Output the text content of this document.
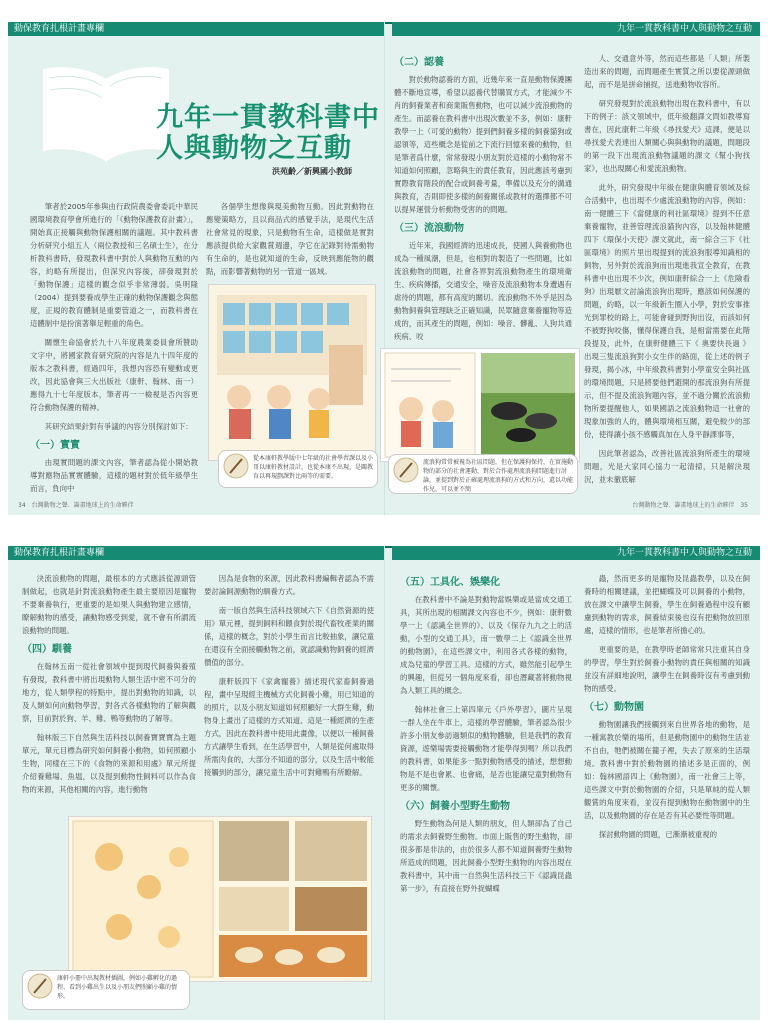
動保教育扎根計畫專欄	九年一貫教科書中人與動物之互動
九年一貫教科書中
人與動物之互動
洪苑齡／新興國小教師

筆者於2005年參與由行政院農委會委託中華民國環境教育學會所進行的「《動物保護教育計畫》」，開始真正接觸與動物保護相關的議題。其中教科書分析研究小組五人（兩位教授和三名碩士生），在分析教科書時，發現教科書中對於人與動物互動的內容，約略有所提出，但深究內容後，卻發現對於「動物保護」這樣的觀念似乎非常薄弱。吳明隆（2004）提到要養成學生正確的動物保護觀念與態度，正規的教育體制是重要管道之一，而教科書在這體制中是扮演著舉足輕重的角色。

關懷生命協會於九十八年度農業委員會所贊助文字中，將國家教育研究院的內容是九十四年度的版本之教科書，經過四年，我想內容恐有變動或更改，因此協會與三大出版社（康軒、翰林、南一）應得九十七年度版本，筆者再一一檢視是否內容更符合動物保護的精神。

其研究結果針對有爭議的內容分別探討如下：

（一）實實

由現實問題的課文內容，筆者認為從小開始教導對應物品實實體驗，這樣的題材對於低年級學生而言，負向中

各個學生想像與現美動物互動。因此對動物在應變策略方，且以商品式的感覺手法，是現代生活社會常見的現象，只是動物有生命，這樣做是實對應該提供給大家觀賞週邊，孕它在記錄對待需動物有生命的，是也就知道的生命，反映到應能物的觀點，而影響著動物的另一管道一區域。

從本康軒教學版中七年級的社會學習課以及小哥以康軒教材設計，也從本康不出現，是關教育以再規劃課對比兩等的需要。
（二）認養

對於動物認養的方面，近幾年來一直是動物保護團體不斷地宣導，希望以認養代替購買方式，才能減少不肖的飼養業者和商業販售動物，也可以減少流浪動物的產生。而認養在教科書中出現次數並不多，例如：康軒教學一上（可愛的動物）提到們飼養多樣的飼養貓狗或認領等，這些概念是從前之下流行回憶來養的動物，但是筆者爲什麼，常常發現小朋友對於這樣的小動物常不知道如何照顧，忽略與生的責任教育，因此應該考慮到實際教育階段的配合或飼養考量，準備以及充分的溝通與教育，否則即使多樣的飼養關係或教材的選擇都不可以提昇運營分析動物受害的的問題。

（三）流浪動物

近年來，我國經濟的迅速成長，使國人與養動物也成為一種風潮，但是，也相對的製造了一些問題，比如流浪動物的問題，社會各界對流浪動物產生的環境衛生、疾病傳播，交通安全，噪音及流浪動物本身遭遇有虐待的問題，都有高度的關切。流浪動物不外乎是因為動物飼養與管理缺乏正確知識，民眾隨意棄養寵物等造成的，而其產生的問題，例如：噪音、髒亂、人狗共通疾病、咬

人、交通意外等，然而這些都是「人類」所製造出來的問題，而問題產生實質之所以要從源頭做起，而不是是拼命捕捉，送進動物收容所。

研究發現對於流浪動物出現在教科書中，有以下的例子：該文領域中，低年級翻譯文問如教導寫書在，因此康軒二年級《尋找愛犬》這課，便是以尋找愛犬表達出人類關心與與動物的議題，問題段的第一段下出現流浪動物議題的課文《幫小狗找家》，也出現關心和愛流浪動物。

此外，研究發現中年級在健康與體育領域及綜合活動中，也出現不少處流浪動物的內容，例如：南一健體三下《當健康的利社區環境》提到不任意棄養寵物，並善管理流浪貓狗內容，以及翰林健體四下《環保小天使》課文就此，南一綜合三下《社區環境》的照片里出現提到的流浪狗服導知識相的飼物，另外對於流浪狗而出現進我宣全教育，在教科書中也出現不少次，例如康軒綜合一上《危險看狗》出現厭文討論流浪狗出現時，應該如何保護的問題，約略，以一年級新生圈入小學，對於安事推光到罪校的路上，可能會碰到野狗出沒，而該如何不被野狗咬傷，懂得保護自我，是相當需要在此階段提及，此外，在康軒健體三下《 奧要快長過 》出現三隻流浪狗對小女生伴的路面，從上述的例子發現，揭小冰，中年級教科書對小學童安全與社區的環境問題，只是將要他們避開的那流浪狗有所提示，但不提及流浪狗題內容，並不過分關於流浪動物所要提醒他人，如果國語之流浪動物這一社會的現象加強的人的，體與環境相互關，避免較少的部份，使得讓小孩不感觸真加在人身平靜課事等，

因此筆者認為，改善社區流浪狗所產生的環境問題，光是大家同心協力一起清掃，只是解決現況，並未徹底解

流浪狗常常被視為社區問題，但在保護狗保持，在實施動物的部分的社會運動，對於合作處理流浪狗問題進行討論，並提到對於正確處理流浪狗的方式和方向，還以功能作兒，可以並不簡
34　台灣動物之聲．籌畫地球上的生命夥伴	台灣動物之聲．籌畫地球上的生命夥伴　35
動保教育扎根計畫專欄	九年一貫教科書中人與動物之互動

決流浪動物的問題，最根本的方式應該從源頭管制做起，也就是針對流浪動物產生最主要原因是寵物不要棄養執行，更重要的是如果人與動物建立感情，瞭解動物的感受，讓動物感受到愛，就不會有所謂流浪動物的問題。

（四）馴養

在翰林五南一從社會領域中提到現代飼養與養殖有發現，教科書中將出現動物人類生活中密不可分的地方，從人類學程的特點中，提出對動物的知識，以及人類如何向動物學習，對各式各樣動物的了解與觀察，目前對於狗、羊、雞、鴨等動物的了解等。

翰林版三下自然與生活科技以飼養寶寶寶為主題單元，單元目標為研究如何飼養小動物，如何照顧小生物，同樣在三下的《食物的來源和用處》單元所提介紹養雞場、魚塭，以及提到動物性飼料可以作為食物的來源，其他相關的內容，進行動物

因為是食物的來源，因此教科書編輯者認為不需要討論飼源動物的馴養方式。

南一版自然與生活科技領域六下《自然資源的使用》單元裡，提到飼料和餵食對於現代畜牧產業的關係，這樣的概念，對於小學生而言比較抽象，讓兒童在還沒有全面接觸動物之前，就認識動物飼養的經濟價值的部分。

康軒版四下《家禽寵養》描述現代家畜飼養過程，畫中呈現經主機械方式化飼養小雞，用已知道的的照片，以及小朋友知道如何照顧好一大群生雞，動物身上畫出了這樣的方式知道、這是一種經濟的生產方式，因此在教科書中使用此畫像，以便以一種飼養方式讓學生看到，在生活學習中，人類是從何處取得所需肉食的，大部分不知道的部分，以及生活中較能接觸到的部分，讓兒童生活中可對雞鴨有所瞭解。

康軒小冊中出現教材插圖，例如小雞孵化的過程、看到小雞出生以及小朋友們照顧小雞的情形。
（五）工具化、娛樂化

在教科書中不論是對動物當娛樂或是當成交通工具，其所出現的相關課文內容也不少，例如：康軒數學一上《認識全世界的》、以及《保存九九之上的活動，小型的交通工具》，南一數學二上《認識全世界的動物園》，在這些課文中，利用各式各樣的動物，成為兒童的學習工具。這樣的方式，雖然能引起學生的興趣，但從另一個角度來看，卻也潛藏著將動物視為人類工具的概念。

翰林社會三上第四單元《戶外學習》，圖片呈現一群人坐在牛車上，這樣的學習體驗，筆者認為很少許多小朋友參訪過類似的動物體驗，但是我們的教育資源，遊樂場需要接觸動物才能學得到嗎？所以我們的教科書，如果能多一點對動物感受的描述，想想動物是不是也會累、也會痛，是否也能讓兒童對動物有更多的關懷。

（六）飼養小型野生動物

野生動物為何是人類的朋友，但人類卻為了自己的需求去飼養野生動物。市面上販售的野生動物，卻很多都是非法的，由於很多人都不知道飼養野生動物所造成的問題，因此飼養小型野生動物的內容出現在教科書中，其中南一自然與生活科技三下《認識昆蟲第一步》，有直接在野外捉蝴蝶

蟲，然而更多的是寵物及昆蟲教學，以及在飼養時的相關建議，並把蝴蝶及可以飼養的小動物，放在課文中讓學生飼養，學生在飼養過程中沒有顧慮到動物的需求，飼養結束後也沒有把動物放回原處，這樣的情形，也是筆者所擔心的。

更重要的是，在教學時老師常常只注重其自身的學習，學生對於飼養小動物的責任與相關的知識並沒有詳細地說明，讓學生在飼養時沒有考慮到動物的感受。

（七）動物園

動物園讓我們接觸到來自世界各地的動物，是一種寓教於樂的場所，但是動物園中的動物生活並不自由，牠們被關在籠子裡，失去了原來的生活環境。教科書中對於動物園的描述多是正面的，例如：翰林國語四上《動物園》，南一社會三上等，這些課文中對於動物園的介紹，只是單純的從人類觀賞的角度來看，並沒有提到動物在動物園中的生活，以及動物園的存在是否有其必要性等問題。

探討動物園的問題，已漸漸被重視的
